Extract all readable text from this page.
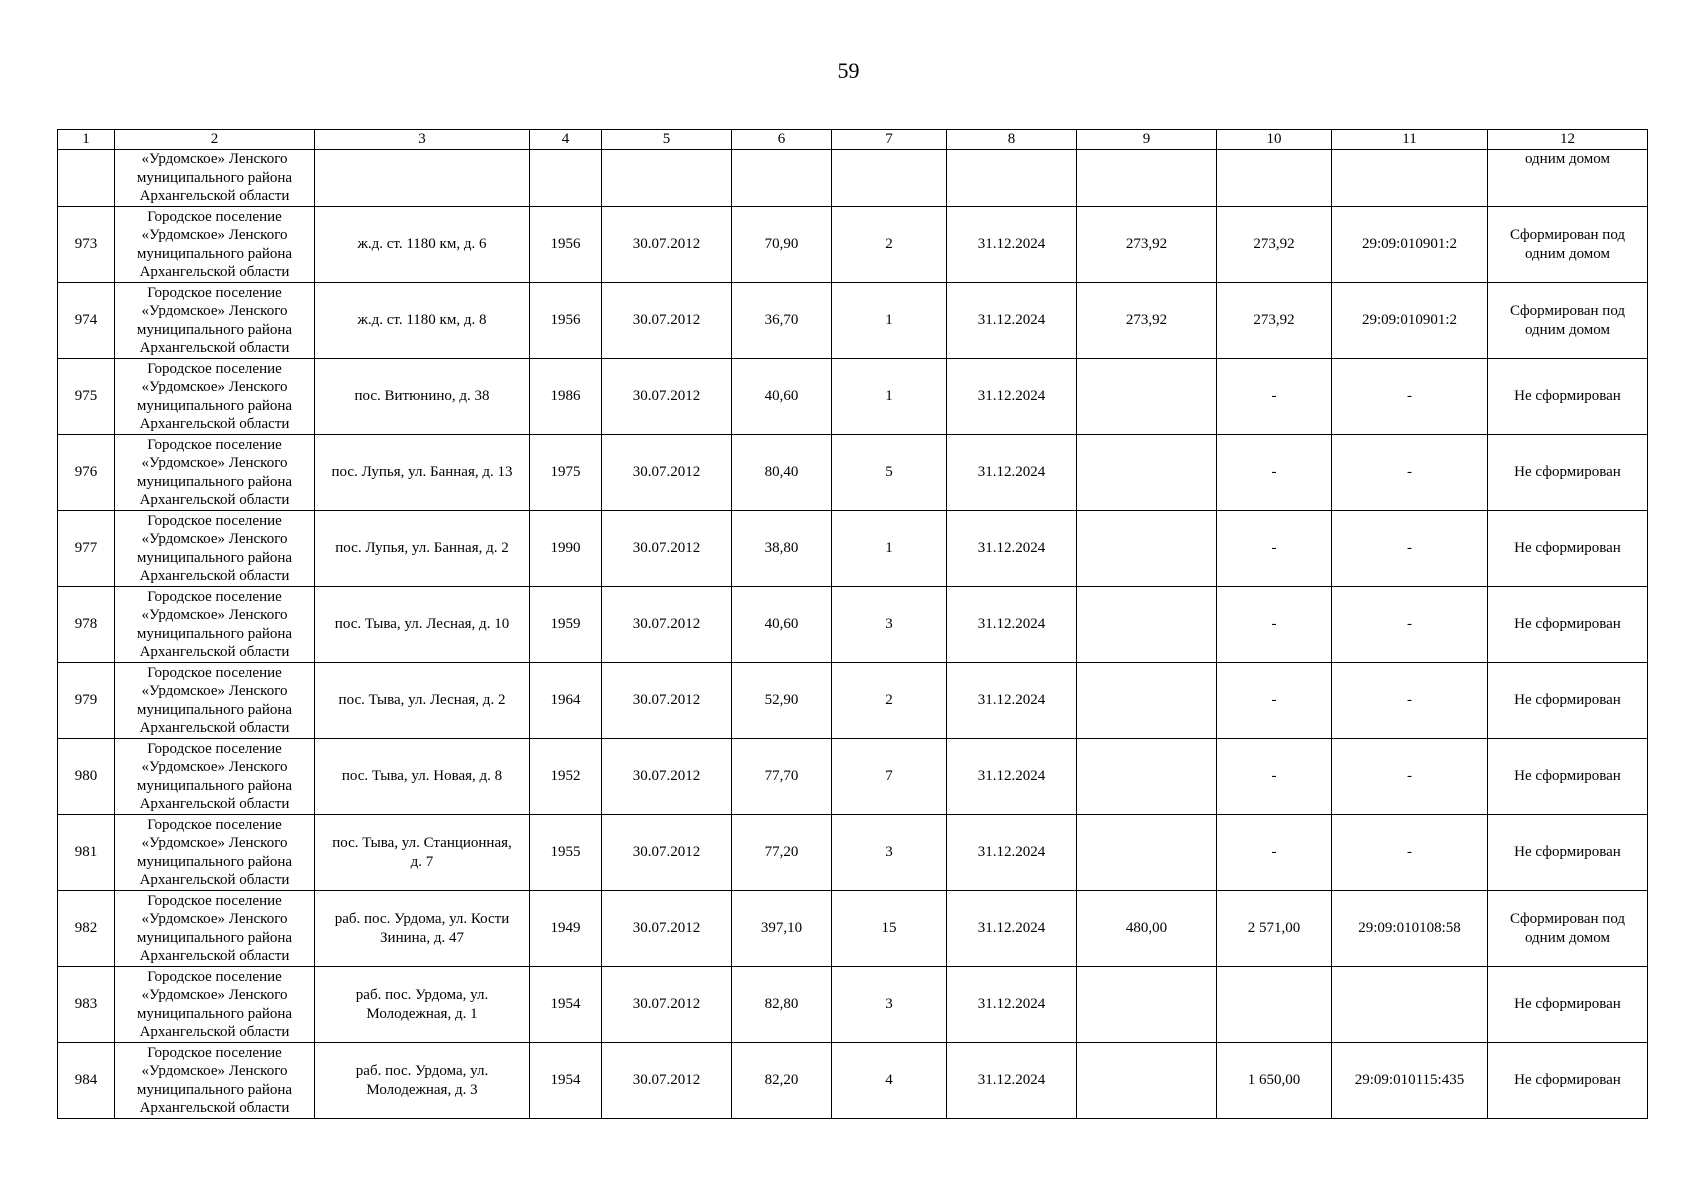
59
1	2	3	4	5	6	7	8	9	10	11	12

	«Урдомское» Ленского
муниципального района
Архангельской области										одним домом
973	Городское поселение
«Урдомское» Ленского
муниципального района
Архангельской области	ж.д. ст. 1180 км, д. 6	1956	30.07.2012	70,90	2	31.12.2024	273,92	273,92	29:09:010901:2	Сформирован под одним домом
974	Городское поселение
«Урдомское» Ленского
муниципального района
Архангельской области	ж.д. ст. 1180 км, д. 8	1956	30.07.2012	36,70	1	31.12.2024	273,92	273,92	29:09:010901:2	Сформирован под одним домом
975	Городское поселение
«Урдомское» Ленского
муниципального района
Архангельской области	пос. Витюнино, д. 38	1986	30.07.2012	40,60	1	31.12.2024		-	-	Не сформирован
976	Городское поселение
«Урдомское» Ленского
муниципального района
Архангельской области	пос. Лупья, ул. Банная, д. 13	1975	30.07.2012	80,40	5	31.12.2024		-	-	Не сформирован
977	Городское поселение
«Урдомское» Ленского
муниципального района
Архангельской области	пос. Лупья, ул. Банная, д. 2	1990	30.07.2012	38,80	1	31.12.2024		-	-	Не сформирован
978	Городское поселение
«Урдомское» Ленского
муниципального района
Архангельской области	пос. Тыва, ул. Лесная, д. 10	1959	30.07.2012	40,60	3	31.12.2024		-	-	Не сформирован
979	Городское поселение
«Урдомское» Ленского
муниципального района
Архангельской области	пос. Тыва, ул. Лесная, д. 2	1964	30.07.2012	52,90	2	31.12.2024		-	-	Не сформирован
980	Городское поселение
«Урдомское» Ленского
муниципального района
Архангельской области	пос. Тыва, ул. Новая, д. 8	1952	30.07.2012	77,70	7	31.12.2024		-	-	Не сформирован
981	Городское поселение
«Урдомское» Ленского
муниципального района
Архангельской области	пос. Тыва, ул. Станционная, д. 7	1955	30.07.2012	77,20	3	31.12.2024		-	-	Не сформирован
982	Городское поселение
«Урдомское» Ленского
муниципального района
Архангельской области	раб. пос. Урдома, ул. Кости Зинина, д. 47	1949	30.07.2012	397,10	15	31.12.2024	480,00	2 571,00	29:09:010108:58	Сформирован под одним домом
983	Городское поселение
«Урдомское» Ленского
муниципального района
Архангельской области	раб. пос. Урдома, ул. Молодежная, д. 1	1954	30.07.2012	82,80	3	31.12.2024				Не сформирован
984	Городское поселение
«Урдомское» Ленского
муниципального района
Архангельской области	раб. пос. Урдома, ул. Молодежная, д. 3	1954	30.07.2012	82,20	4	31.12.2024		1 650,00	29:09:010115:435	Не сформирован
